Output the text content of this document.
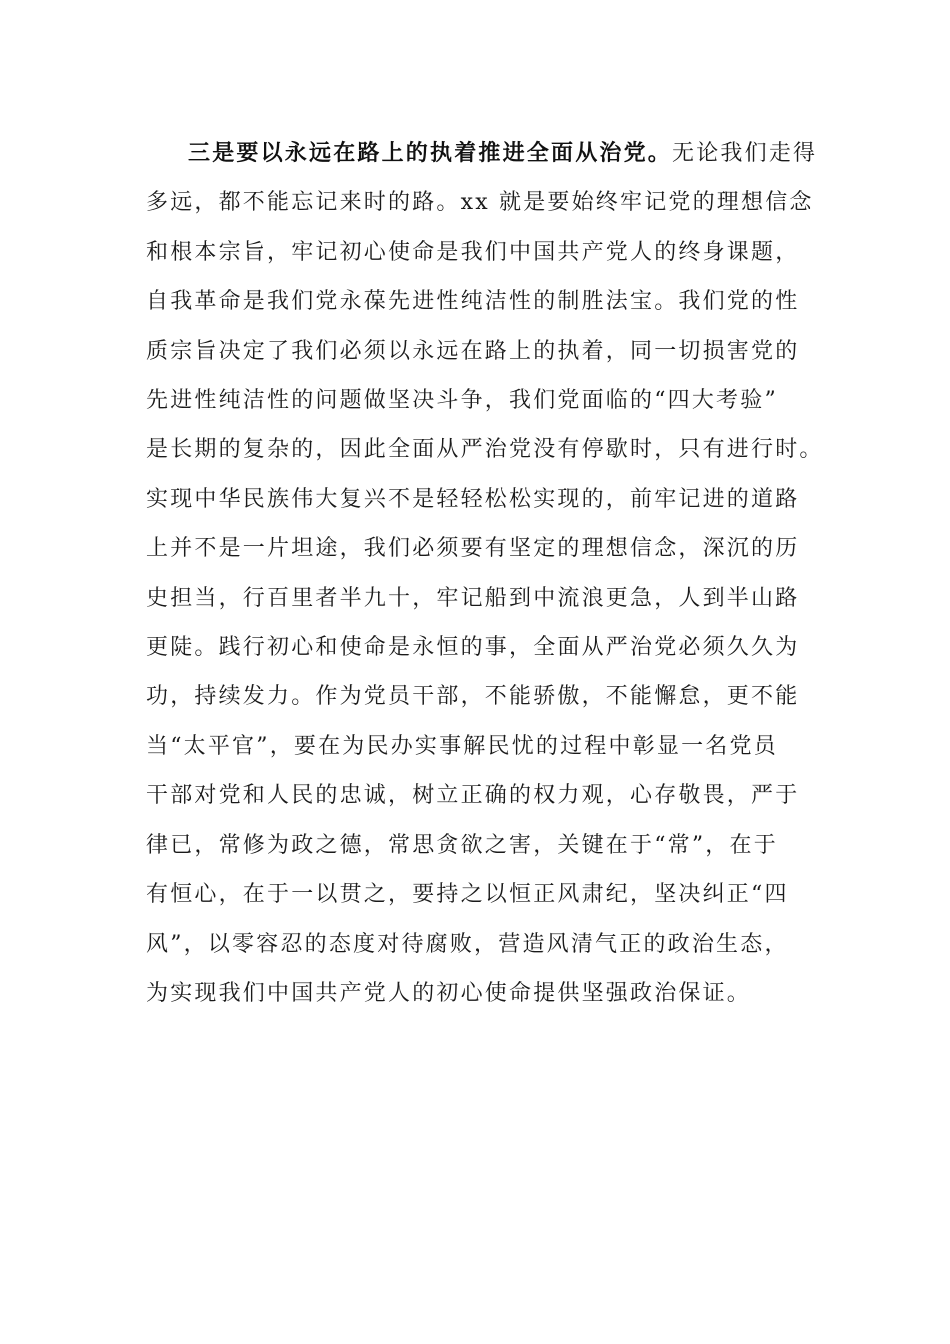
三是要以永远在路上的执着推进全面从治党。无论我们走得
多远，都不能忘记来时的路。xx 就是要始终牢记党的理想信念
和根本宗旨，牢记初心使命是我们中国共产党人的终身课题，
自我革命是我们党永葆先进性纯洁性的制胜法宝。我们党的性
质宗旨决定了我们必须以永远在路上的执着，同一切损害党的
先进性纯洁性的问题做坚决斗争，我们党面临的“四大考验”
是长期的复杂的，因此全面从严治党没有停歇时，只有进行时。
实现中华民族伟大复兴不是轻轻松松实现的，前牢记进的道路
上并不是一片坦途，我们必须要有坚定的理想信念，深沉的历
史担当，行百里者半九十，牢记船到中流浪更急，人到半山路
更陡。践行初心和使命是永恒的事，全面从严治党必须久久为
功，持续发力。作为党员干部，不能骄傲，不能懈怠，更不能
当“太平官”，要在为民办实事解民忧的过程中彰显一名党员
干部对党和人民的忠诚，树立正确的权力观，心存敬畏，严于
律已，常修为政之德，常思贪欲之害，关键在于“常”，在于
有恒心，在于一以贯之，要持之以恒正风肃纪，坚决纠正“四
风”，以零容忍的态度对待腐败，营造风清气正的政治生态，
为实现我们中国共产党人的初心使命提供坚强政治保证。
